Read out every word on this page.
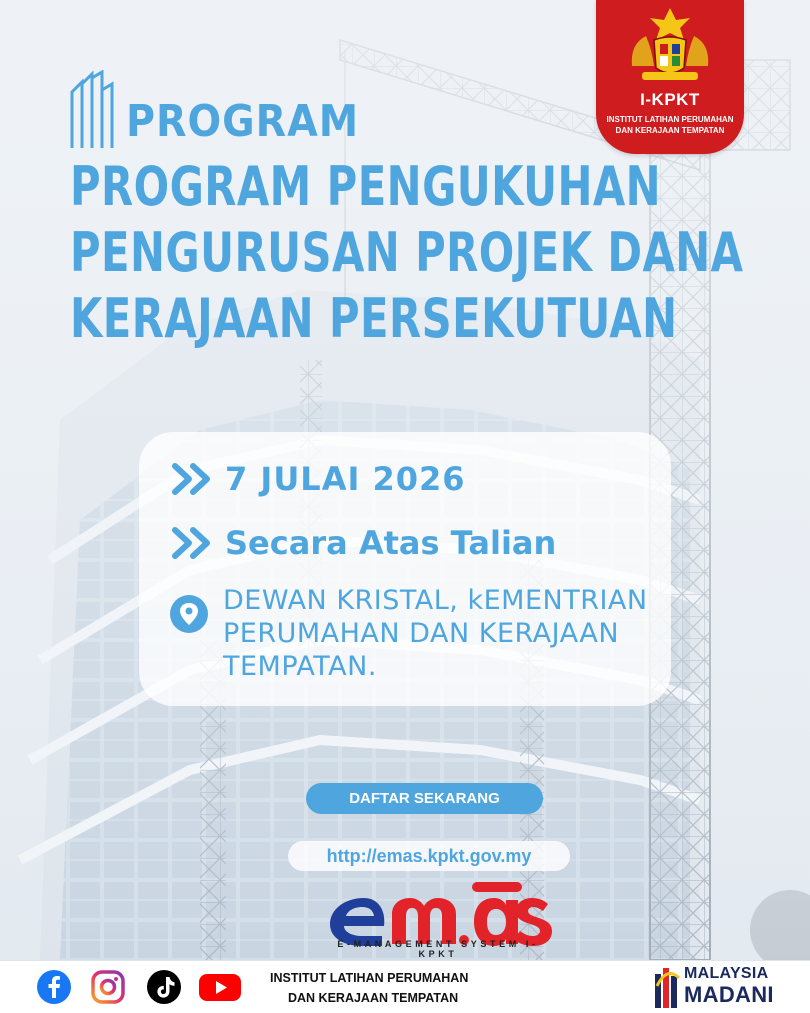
PROGRAM
PROGRAM PENGUKUHAN
PENGURUSAN PROJEK DANA
KERAJAAN PERSEKUTUAN
I-KPKT
INSTITUT LATIHAN PERUMAHAN
DAN KERAJAAN TEMPATAN
7 JULAI 2026
Secara Atas Talian
DEWAN KRISTAL, kEMENTRIAN PERUMAHAN DAN KERAJAAN TEMPATAN.
DAFTAR SEKARANG
http://emas.kpkt.gov.my
E-MANAGEMENT SYSTEM I-KPKT
INSTITUT LATIHAN PERUMAHAN
DAN KERAJAAN TEMPATAN
MALAYSIA
MADANI
